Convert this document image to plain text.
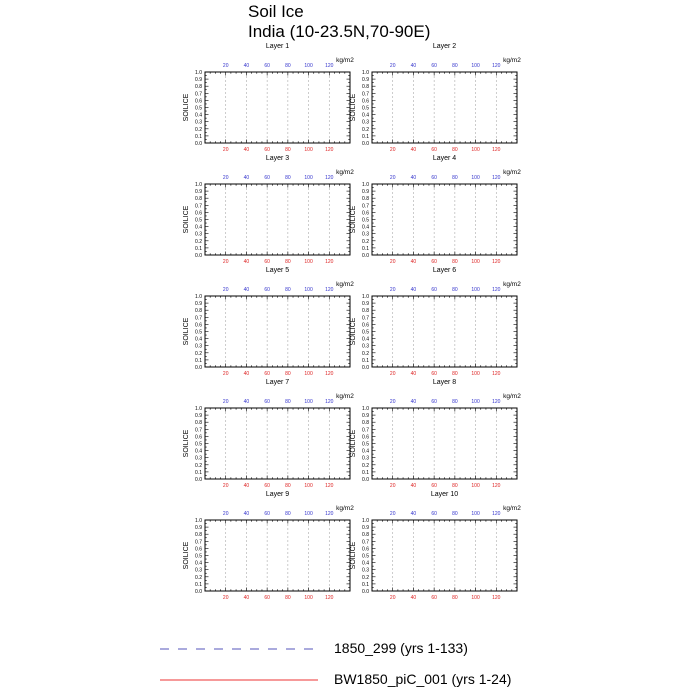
Soil Ice
India (10-23.5N,70-90E)
Layer 1
kg/m2
0.0
0.1
0.2
0.3
0.4
0.5
0.6
0.7
0.8
0.9
1.0
20	40	60	80	100 120
20	40	60	80	100 120
SOILICE
Layer 2
kg/m2
0.0
0.1
0.2
0.3
0.4
0.5
0.6
0.7
0.8
0.9
1.0
20	40	60	80	100 120
20	40	60	80	100 120
SOILICE
Layer 3
kg/m2
0.0
0.1
0.2
0.3
0.4
0.5
0.6
0.7
0.8
0.9
1.0
20	40	60	80	100 120
20	40	60	80	100 120
SOILICE
Layer 4
kg/m2
0.0
0.1
0.2
0.3
0.4
0.5
0.6
0.7
0.8
0.9
1.0
20	40	60	80	100 120
20	40	60	80	100 120
SOILICE
Layer 5
kg/m2
0.0
0.1
0.2
0.3
0.4
0.5
0.6
0.7
0.8
0.9
1.0
20	40	60	80	100 120
20	40	60	80	100 120
SOILICE
Layer 6
kg/m2
0.0
0.1
0.2
0.3
0.4
0.5
0.6
0.7
0.8
0.9
1.0
20	40	60	80	100 120
20	40	60	80	100 120
SOILICE
Layer 7
kg/m2
0.0
0.1
0.2
0.3
0.4
0.5
0.6
0.7
0.8
0.9
1.0
20	40	60	80	100 120
20	40	60	80	100 120
SOILICE
Layer 8
kg/m2
0.0
0.1
0.2
0.3
0.4
0.5
0.6
0.7
0.8
0.9
1.0
20	40	60	80	100 120
20	40	60	80	100 120
SOILICE
Layer 9
kg/m2
0.0
0.1
0.2
0.3
0.4
0.5
0.6
0.7
0.8
0.9
1.0
20	40	60	80	100 120
20	40	60	80	100 120
SOILICE
Layer 10
kg/m2
0.0
0.1
0.2
0.3
0.4
0.5
0.6
0.7
0.8
0.9
1.0
20	40	60	80	100 120
20	40	60	80	100 120
SOILICE
1850_299 (yrs 1-133)
BW1850_piC_001 (yrs 1-24)
